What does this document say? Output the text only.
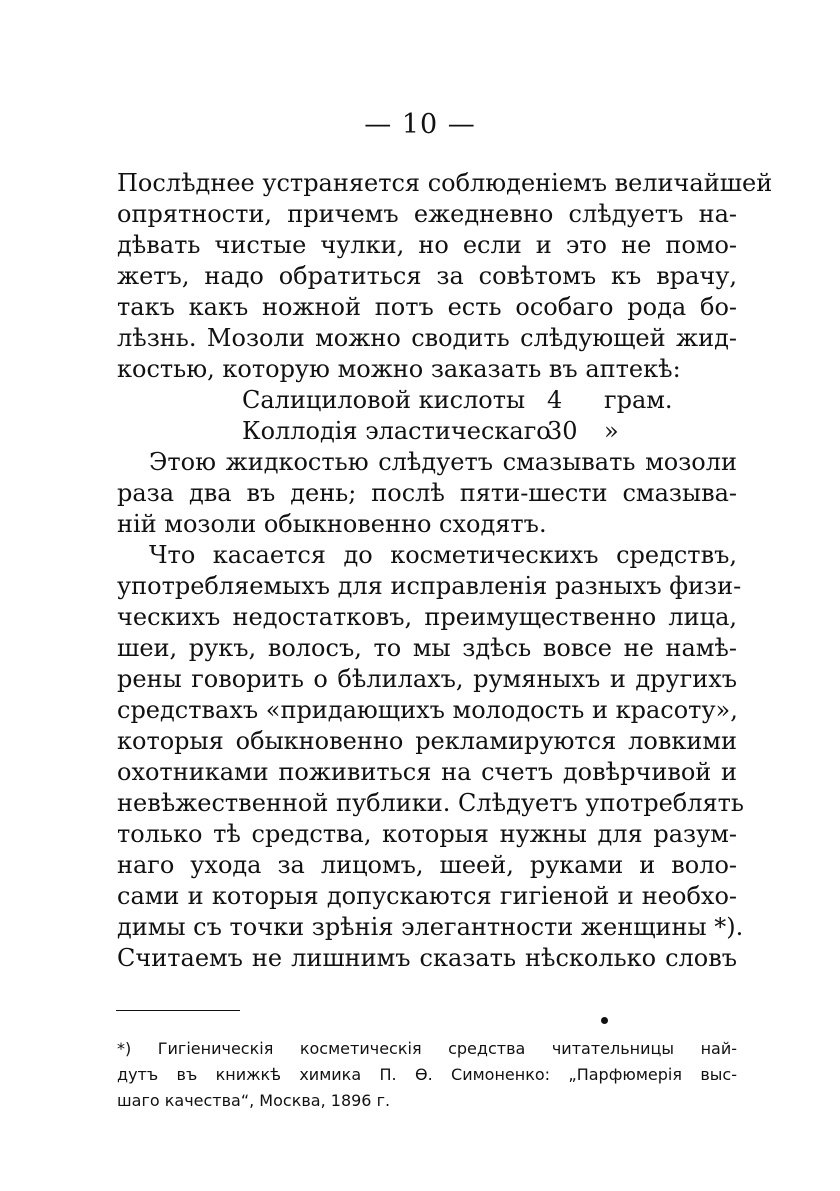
— 10 —
Послѣднее устраняется соблюденіемъ величайшей
опрятности, причемъ ежедневно слѣдуетъ на-
дѣвать чистые чулки, но если и это не помо-
жетъ, надо обратиться за совѣтомъ къ врачу,
такъ какъ ножной потъ есть особаго рода бо-
лѣзнь. Мозоли можно сводить слѣдующей жид-
костью, которую можно заказать въ аптекѣ:
Салициловой кислоты 4 грам.
Коллодія эластическаго
30 »
Этою жидкостью слѣдуетъ смазывать мозоли
раза два въ день; послѣ пяти-шести смазыва-
ній мозоли обыкновенно сходятъ.
Что касается до косметическихъ средствъ,
употребляемыхъ для исправленія разныхъ физи-
ческихъ недостатковъ, преимущественно лица,
шеи, рукъ, волосъ, то мы здѣсь вовсе не намѣ-
рены говорить о бѣлилахъ, румяныхъ и другихъ
средствахъ «придающихъ молодость и красоту»,
которыя обыкновенно рекламируются ловкими
охотниками поживиться на счетъ довѣрчивой и
невѣжественной публики. Слѣдуетъ употреблять
только тѣ средства, которыя нужны для разум-
наго ухода за лицомъ, шеей, руками и воло-
сами и которыя допускаются гигіеной и необхо-
димы съ точки зрѣнія элегантности женщины *).
Считаемъ не лишнимъ сказать нѣсколько словъ
*) Гигіеническія косметическія средства читательницы най-
дутъ въ книжкѣ химика П. Ѳ. Симоненко: „Парфюмерія выс-
шаго качества“, Москва, 1896 г.
